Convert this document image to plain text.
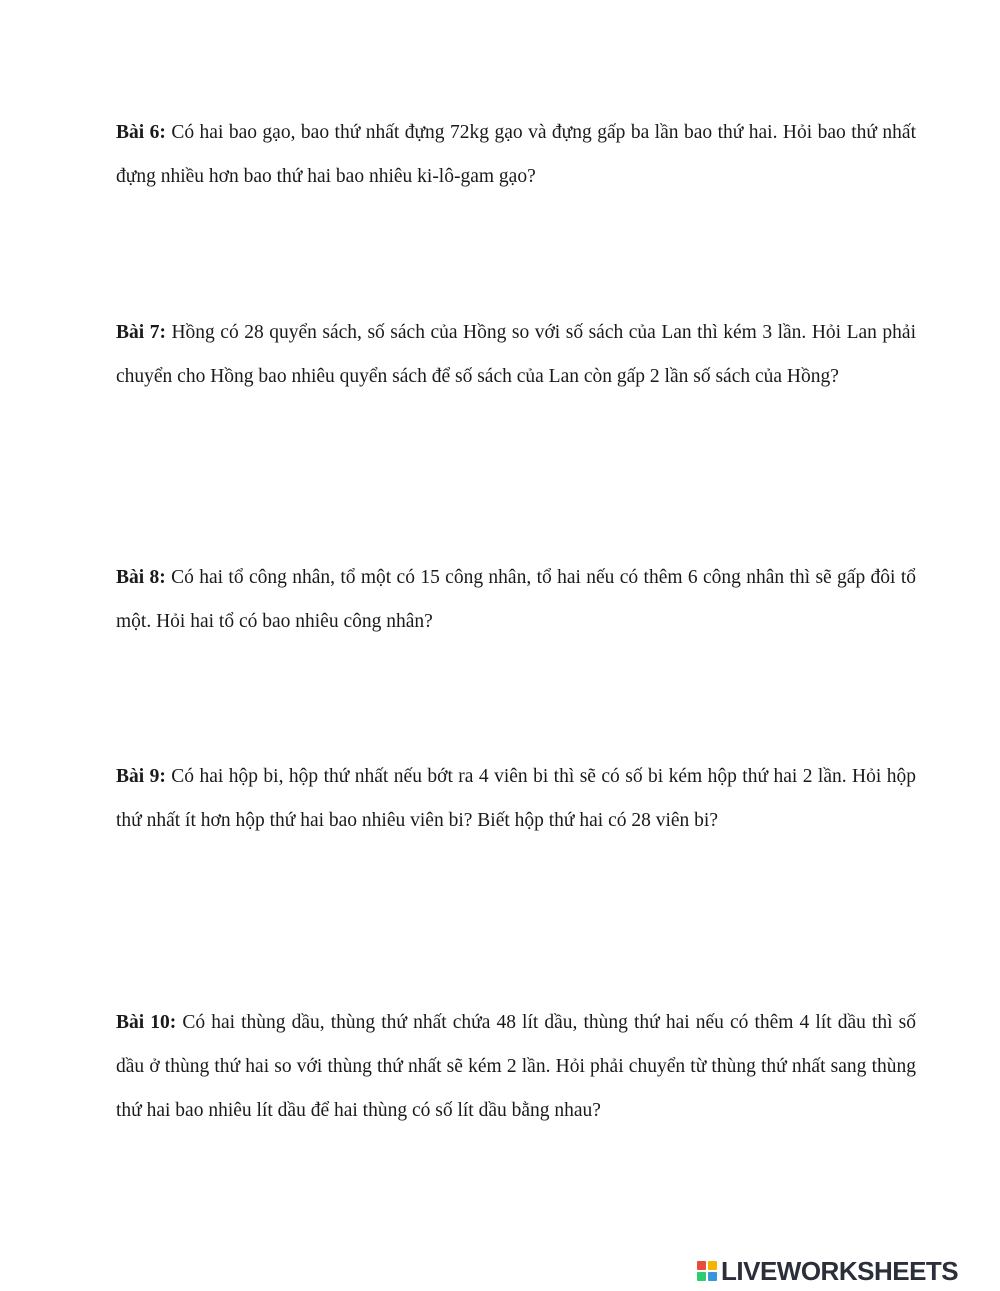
Bài 6: Có hai bao gạo, bao thứ nhất đựng 72kg gạo và đựng gấp ba lần bao thứ hai. Hỏi bao thứ nhất đựng nhiều hơn bao thứ hai bao nhiêu ki-lô-gam gạo?

Bài 7: Hồng có 28 quyển sách, số sách của Hồng so với số sách của Lan thì kém 3 lần. Hỏi Lan phải chuyển cho Hồng bao nhiêu quyển sách để số sách của Lan còn gấp 2 lần số sách của Hồng?

Bài 8: Có hai tổ công nhân, tổ một có 15 công nhân, tổ hai nếu có thêm 6 công nhân thì sẽ gấp đôi tổ một. Hỏi hai tổ có bao nhiêu công nhân?

Bài 9: Có hai hộp bi, hộp thứ nhất nếu bớt ra 4 viên bi thì sẽ có số bi kém hộp thứ hai 2 lần. Hỏi hộp thứ nhất ít hơn hộp thứ hai bao nhiêu viên bi? Biết hộp thứ hai có 28 viên bi?

Bài 10: Có hai thùng dầu, thùng thứ nhất chứa 48 lít dầu, thùng thứ hai nếu có thêm 4 lít dầu thì số dầu ở thùng thứ hai so với thùng thứ nhất sẽ kém 2 lần. Hỏi phải chuyển từ thùng thứ nhất sang thùng thứ hai bao nhiêu lít dầu để hai thùng có số lít dầu bằng nhau?

LIVEWORKSHEETS
